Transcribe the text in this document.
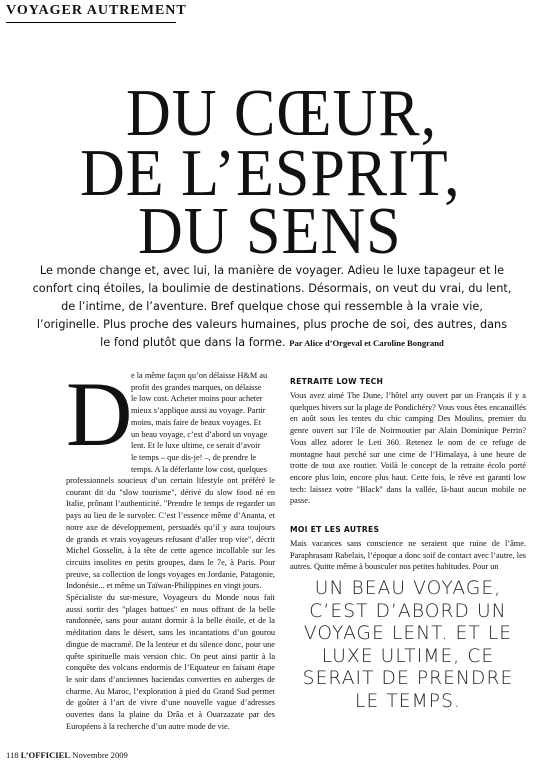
VOYAGER AUTREMENT
DU CŒUR,
DE L’ESPRIT,
DU SENS
Le monde change et, avec lui, la manière de voyager. Adieu le luxe tapageur et le confort cinq étoiles, la boulimie de destinations. Désormais, on veut du vrai, du lent, de l’intime, de l’aventure. Bref quelque chose qui ressemble à la vraie vie, l’originelle. Plus proche des valeurs humaines, plus proche de soi, des autres, dans le fond plutôt que dans la forme. Par Alice d’Orgeval et Caroline Bongrand
D

e la même façon qu’on délaisse H&M au

profit des grandes marques, on délaisse

le low cost. Acheter moins pour acheter

mieux s’applique aussi au voyage. Partir

moins, mais faire de beaux voyages. Et

un beau voyage, c’est d’abord un voyage

lent. Et le luxe ultime, ce serait d’avoir

le temps – que dis-je! –, de prendre le

temps. A la déferlante low cost, quelques

professionnels soucieux d’un certain lifestyle ont préféré le courant dit du "slow tourisme", dérivé du slow food né en Italie, prônant l’authenticité. "Prendre le temps de regarder un pays au lieu de le survoler. C’est l’essence même d’Ananta, et notre axe de développement, persuadés qu’il y aura toujours de grands et vrais voyageurs refusant d’aller trop vite", décrit Michel Gosselin, à la tête de cette agence incollable sur les circuits insolites en petits groupes, dans le 7e, à Paris. Pour preuve, sa collection de longs voyages en Jordanie, Patagonie, Indonésie... et même un Taïwan-Philippines en vingt jours.

Spécialiste du sur-mesure, Voyageurs du Monde nous fait aussi sortir des "plages battues" en nous offrant de la belle randonnée, sans pour autant dormir à la belle étoile, et de la méditation dans le désert, sans les incantations d’un gourou dingue de macramé. De la lenteur et du silence donc, pour une quête spirituelle mais version chic. On peut ainsi partir à la conquête des volcans endormis de l’Equateur en faisant étape le soir dans d’anciennes haciendas converties en auberges de charme. Au Maroc, l’exploration à pied du Grand Sud permet de goûter à l’art de vivre d’une nouvelle vague d’adresses ouvertes dans la plaine du Drâa et à Ouarzazate par des Européens à la recherche d’un autre mode de vie.

RETRAITE LOW TECH

Vous avez aimé The Dune, l’hôtel arty ouvert par un Français il y a quelques hivers sur la plage de Pondichéry? Vous vous êtes encanaillés en août sous les tentes du chic camping Des Moulins, premier du genre ouvert sur l’île de Noirmoutier par Alain Dominique Perrin? Vous allez adorer le Leti 360. Retenez le nom de ce refuge de montagne haut perché sur une cime de l’Himalaya, à une heure de trotte de tout axe routier. Voilà le concept de la retraite écolo porté encore plus loin, encore plus haut. Cette fois, le rêve est garanti low tech: laissez votre "Black" dans la vallée, là-haut aucun mobile ne passe.

MOI ET LES AUTRES

Mais vacances sans conscience ne seraient que ruine de l’âme. Paraphrasant Rabelais, l’époque a donc soif de contact avec l’autre, les autres. Quitte même à bousculer nos petites habitudes. Pour un

UN BEAU VOYAGE, C’EST D’ABORD UN VOYAGE LENT. ET LE LUXE ULTIME, CE SERAIT DE PRENDRE LE TEMPS.
118 L’OFFICIEL Novembre 2009
